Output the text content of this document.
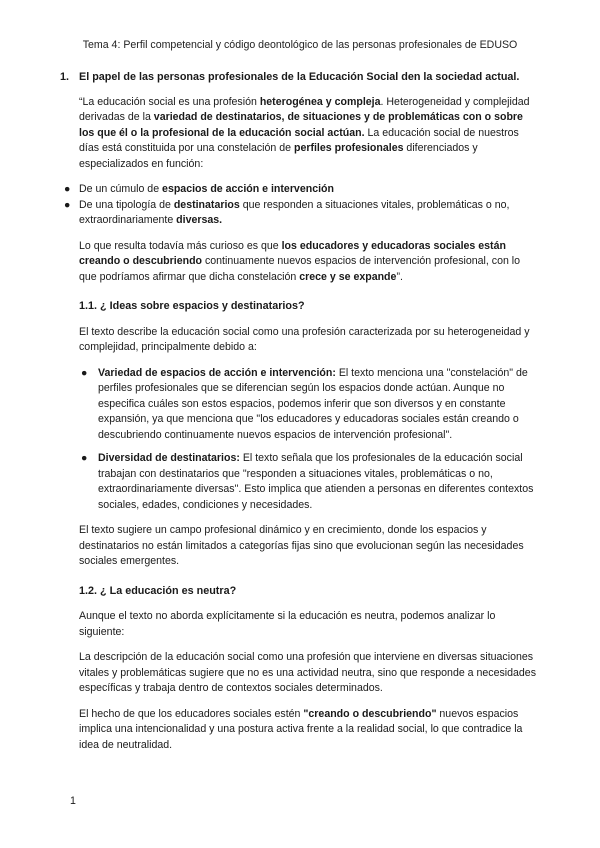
Tema 4: Perfil competencial y código deontológico de las personas profesionales de EDUSO
1. El papel de las personas profesionales de la Educación Social den la sociedad actual.

“La educación social es una profesión heterogénea y compleja. Heterogeneidad y complejidad derivadas de la variedad de destinatarios, de situaciones y de problemáticas con o sobre los que él o la profesional de la educación social actúan. La educación social de nuestros días está constituida por una constelación de perfiles profesionales diferenciados y especializados en función:

● De un cúmulo de espacios de acción e intervención
● De una tipología de destinatarios que responden a situaciones vitales, problemáticas o no, extraordinariamente diversas.

Lo que resulta todavía más curioso es que los educadores y educadoras sociales están creando o descubriendo continuamente nuevos espacios de intervención profesional, con lo que podríamos afirmar que dicha constelación crece y se expande”.

1.1. ¿ Ideas sobre espacios y destinatarios?

El texto describe la educación social como una profesión caracterizada por su heterogeneidad y complejidad, principalmente debido a:

● Variedad de espacios de acción e intervención: El texto menciona una "constelación" de perfiles profesionales que se diferencian según los espacios donde actúan. Aunque no especifica cuáles son estos espacios, podemos inferir que son diversos y en constante expansión, ya que menciona que "los educadores y educadoras sociales están creando o descubriendo continuamente nuevos espacios de intervención profesional".
● Diversidad de destinatarios: El texto señala que los profesionales de la educación social trabajan con destinatarios que "responden a situaciones vitales, problemáticas o no, extraordinariamente diversas". Esto implica que atienden a personas en diferentes contextos sociales, edades, condiciones y necesidades.

El texto sugiere un campo profesional dinámico y en crecimiento, donde los espacios y destinatarios no están limitados a categorías fijas sino que evolucionan según las necesidades sociales emergentes.

1.2. ¿ La educación es neutra?

Aunque el texto no aborda explícitamente si la educación es neutra, podemos analizar lo siguiente:

La descripción de la educación social como una profesión que interviene en diversas situaciones vitales y problemáticas sugiere que no es una actividad neutra, sino que responde a necesidades específicas y trabaja dentro de contextos sociales determinados.

El hecho de que los educadores sociales estén "creando o descubriendo" nuevos espacios implica una intencionalidad y una postura activa frente a la realidad social, lo que contradice la idea de neutralidad.

1
